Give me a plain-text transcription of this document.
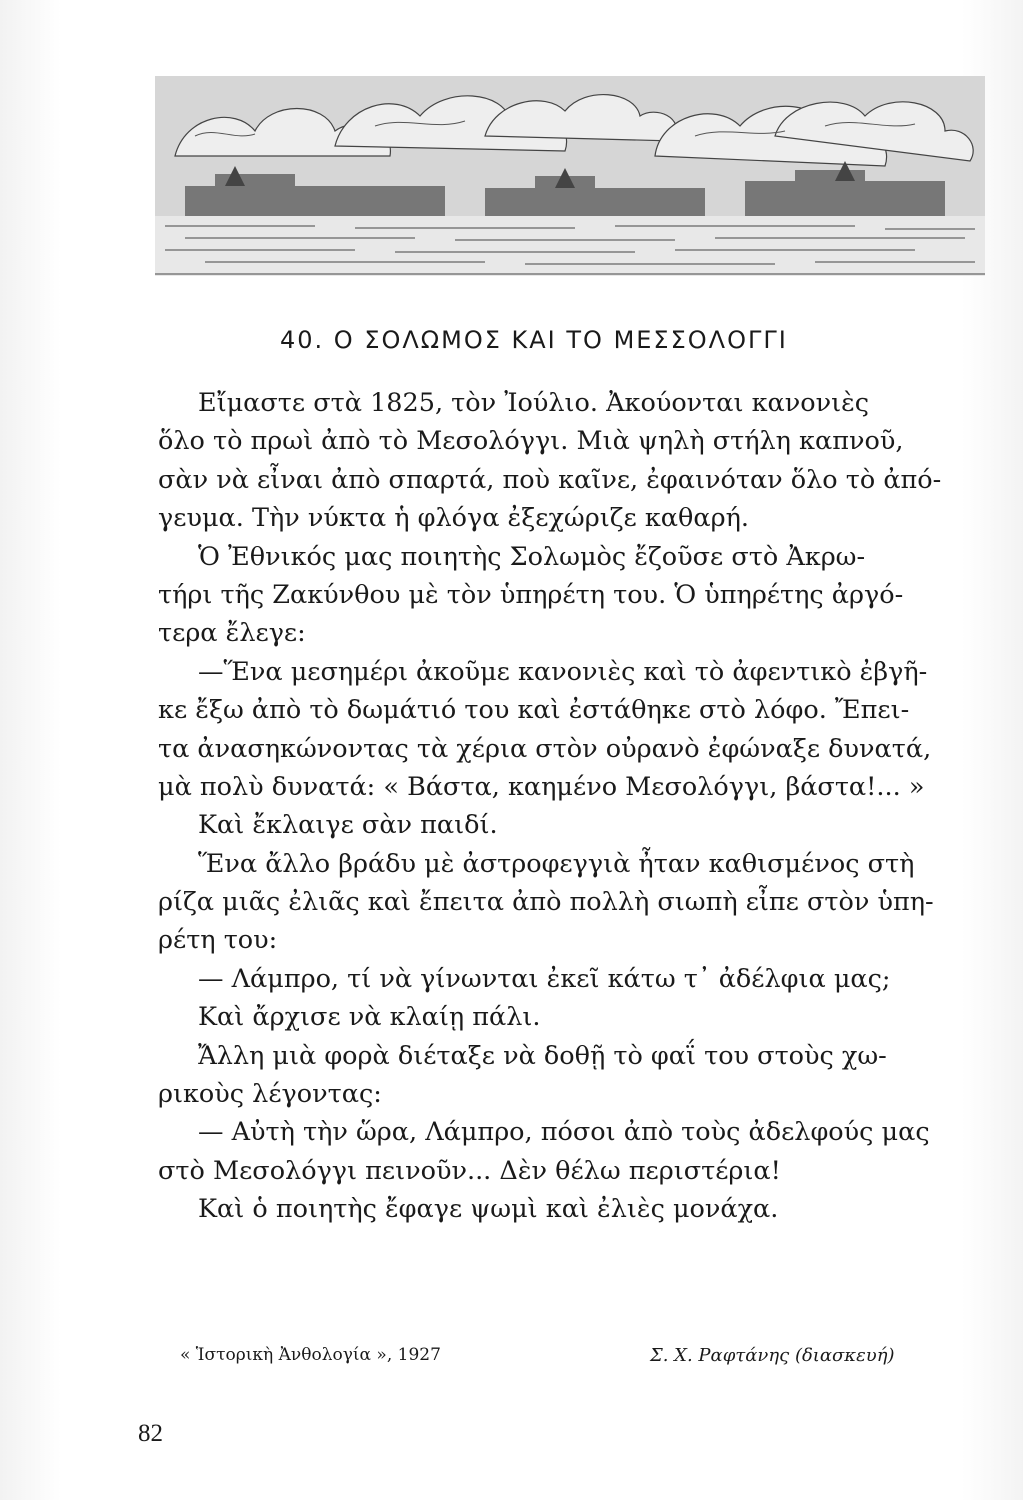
40. Ο ΣΟΛΩΜΟΣ ΚΑΙ ΤΟ ΜΕΣΣΟΛΟΓΓΙ
Εἴμαστε στὰ 1825, τὸν Ἰούλιο. Ἀκούονται κανονιὲς
ὅλο τὸ πρωὶ ἀπὸ τὸ Μεσολόγγι. Μιὰ ψηλὴ στήλη καπνοῦ,
σὰν νὰ εἶναι ἀπὸ σπαρτά, ποὺ καῖνε, ἐφαινόταν ὅλο τὸ ἀπό-
γευμα. Τὴν νύκτα ἡ φλόγα ἐξεχώριζε καθαρή.
Ὁ Ἐθνικός μας ποιητὴς Σολωμὸς ἔζοῦσε στὸ Ἀκρω-
τήρι τῆς Ζακύνθου μὲ τὸν ὑπηρέτη του. Ὁ ὑπηρέτης ἀργό-
τερα ἔλεγε:
—Ἕνα μεσημέρι ἀκοῦμε κανονιὲς καὶ τὸ ἀφεντικὸ ἐβγῆ-
κε ἔξω ἀπὸ τὸ δωμάτιό του καὶ ἐστάθηκε στὸ λόφο. Ἔπει-
τα ἀνασηκώνοντας τὰ χέρια στὸν οὐρανὸ ἐφώναξε δυνατά,
μὰ πολὺ δυνατά: « Βάστα, καημένο Μεσολόγγι, βάστα!... »
Καὶ ἔκλαιγε σὰν παιδί.
Ἕνα ἄλλο βράδυ μὲ ἀστροφεγγιὰ ἦταν καθισμένος στὴ
ρίζα μιᾶς ἐλιᾶς καὶ ἔπειτα ἀπὸ πολλὴ σιωπὴ εἶπε στὸν ὑπη-
ρέτη του:
— Λάμπρο, τί νὰ γίνωνται ἐκεῖ κάτω τ᾽ ἀδέλφια μας;
Καὶ ἄρχισε νὰ κλαίῃ πάλι.
Ἄλλη μιὰ φορὰ διέταξε νὰ δοθῇ τὸ φαΐ του στοὺς χω-
ρικοὺς λέγοντας:
— Αὐτὴ τὴν ὥρα, Λάμπρο, πόσοι ἀπὸ τοὺς ἀδελφούς μας
στὸ Μεσολόγγι πεινοῦν... Δὲν θέλω περιστέρια!
Καὶ ὁ ποιητὴς ἔφαγε ψωμὶ καὶ ἐλιὲς μονάχα.
« Ἱστορικὴ Ἀνθολογία », 1927	Σ. Χ. Ραφτάνης (διασκευή)
82
